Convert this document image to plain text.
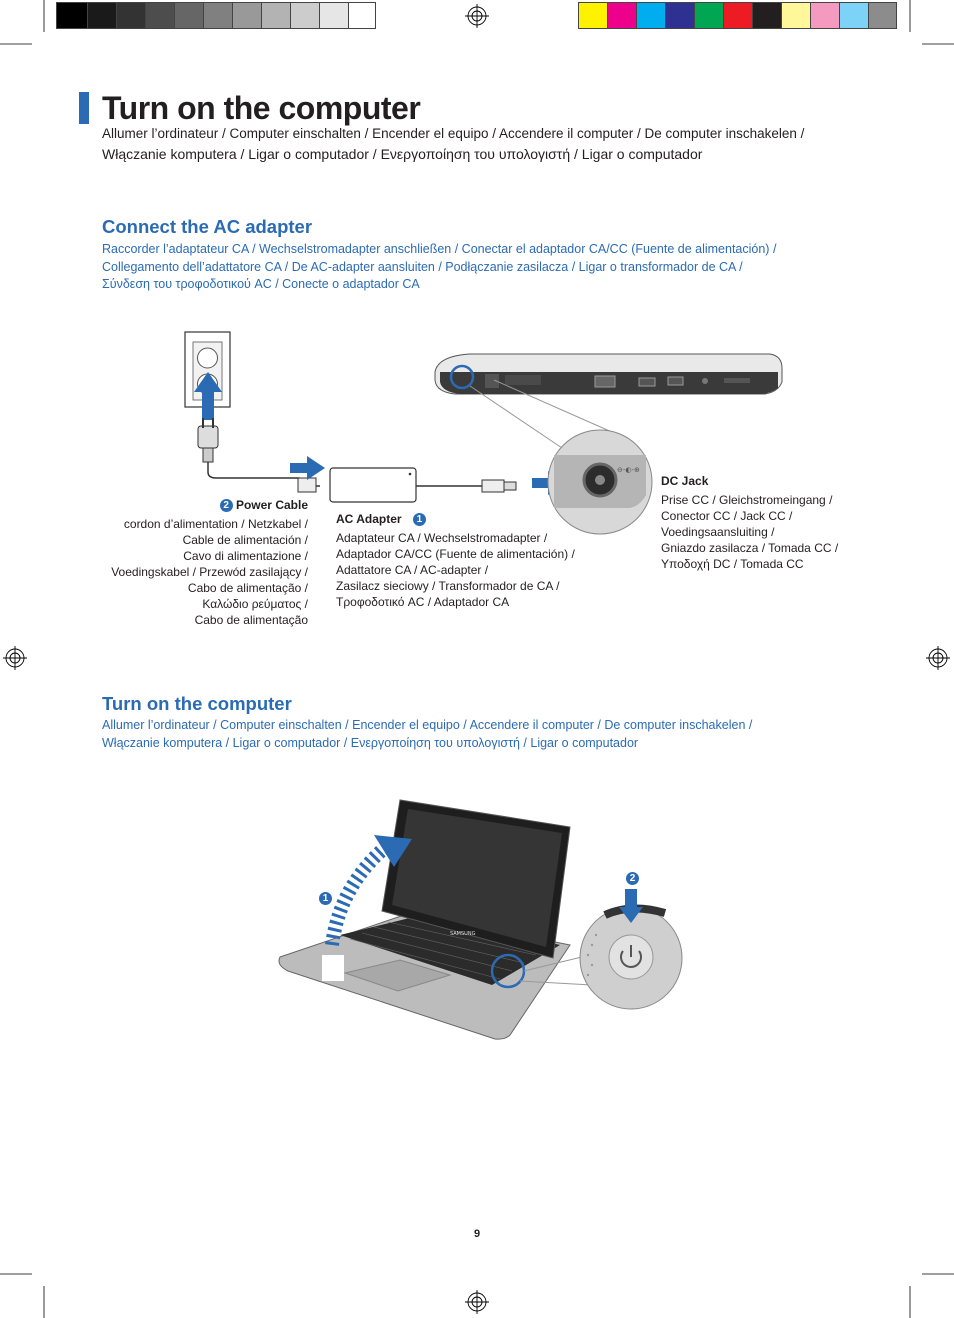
Turn on the computer
Allumer l’ordinateur / Computer einschalten / Encender el equipo / Accendere il computer / De computer inschakelen /
Włączanie komputera / Ligar o computador / Ενεργοποίηση του υπολογιστή / Ligar o computador
Connect the AC adapter
Raccorder l’adaptateur CA / Wechselstromadapter anschließen / Conectar el adaptador CA/CC (Fuente de alimentación) /
Collegamento dell’adattatore CA / De AC-adapter aansluiten / Podłączanie zasilacza / Ligar o transformador de CA /
Σύνδεση του τροφοδοτικού AC / Conecte o adaptador CA
⊖-◐-⊕
2 Power Cable
cordon d’alimentation / Netzkabel /
Cable de alimentación /
Cavo di alimentazione /
Voedingskabel / Przewód zasilający /
Cabo de alimentação /
Καλώδιο ρεύματος /
Cabo de alimentação
AC Adapter 1
Adaptateur CA / Wechselstromadapter /
Adaptador CA/CC (Fuente de alimentación) /
Adattatore CA / AC-adapter /
Zasilacz sieciowy / Transformador de CA /
Τροφοδοτικό AC / Adaptador CA
DC Jack
Prise CC / Gleichstromeingang /
Conector CC / Jack CC /
Voedingsaansluiting /
Gniazdo zasilacza / Tomada CC /
Υποδοχή DC / Tomada CC
Turn on the computer
Allumer l’ordinateur / Computer einschalten / Encender el equipo / Accendere il computer / De computer inschakelen /
Włączanie komputera / Ligar o computador / Ενεργοποίηση του υπολογιστή / Ligar o computador
SAMSUNG
1
2
9
